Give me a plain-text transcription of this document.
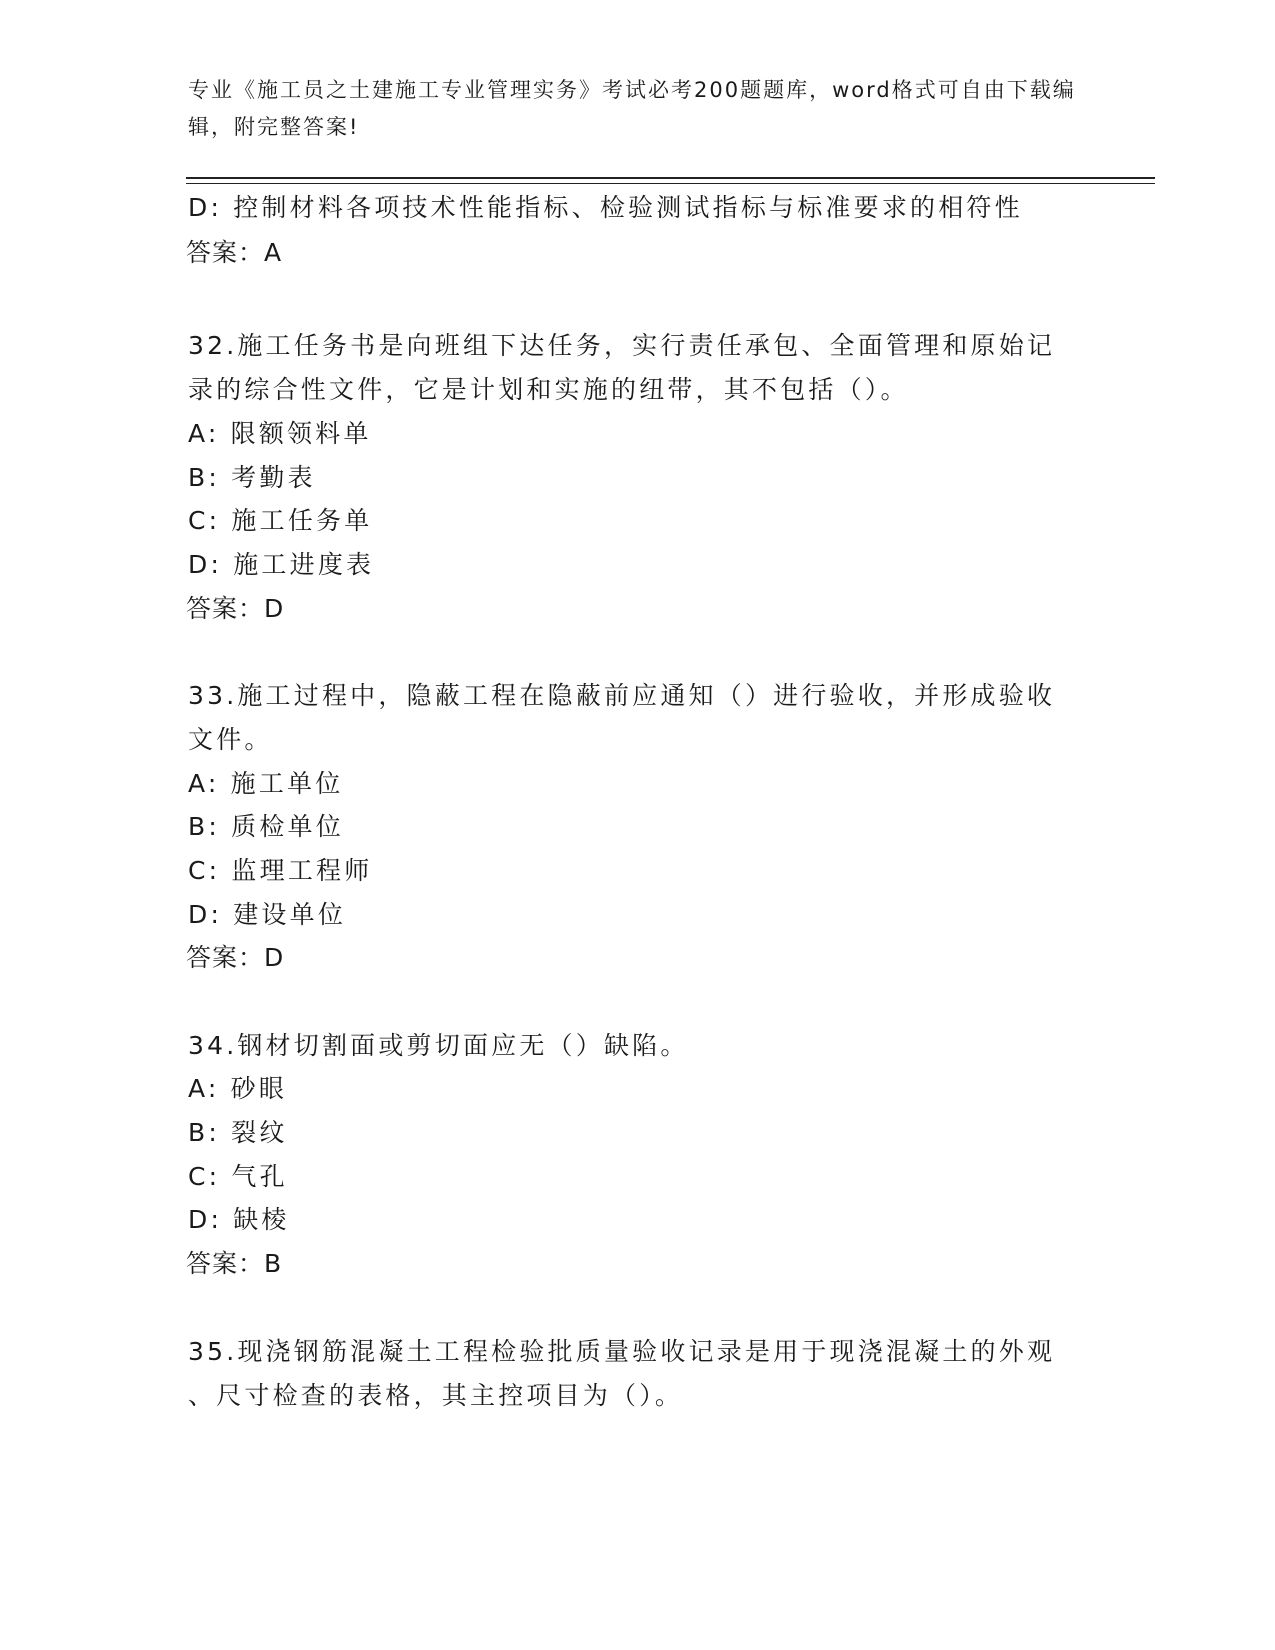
专业《施工员之土建施工专业管理实务》考试必考200题题库，word格式可自由下载编辑，附完整答案!
D: 控制材料各项技术性能指标、检验测试指标与标准要求的相符性
答案：A
32.施工任务书是向班组下达任务，实行责任承包、全面管理和原始记
录的综合性文件，它是计划和实施的纽带，其不包括（）。
A: 限额领料单
B: 考勤表
C: 施工任务单
D: 施工进度表
答案：D
33.施工过程中，隐蔽工程在隐蔽前应通知（）进行验收，并形成验收
文件。
A: 施工单位
B: 质检单位
C: 监理工程师
D: 建设单位
答案：D
34.钢材切割面或剪切面应无（）缺陷。
A: 砂眼
B: 裂纹
C: 气孔
D: 缺棱
答案：B
35.现浇钢筋混凝土工程检验批质量验收记录是用于现浇混凝土的外观
、尺寸检查的表格，其主控项目为（）。
